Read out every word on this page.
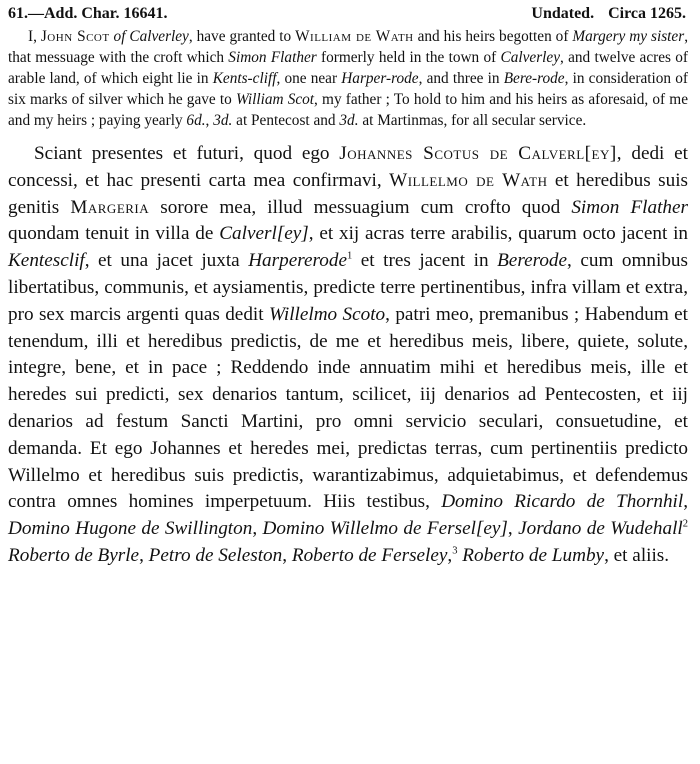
61.—Add. Char. 16641.	Undated. Circa 1265.

I, John Scot of Calverley, have granted to William de Wath and his heirs begotten of Margery my sister, that messuage with the croft which Simon Flather formerly held in the town of Calverley, and twelve acres of arable land, of which eight lie in Kents-cliff, one near Harper-rode, and three in Bere-rode, in consideration of six marks of silver which he gave to William Scot, my father ; To hold to him and his heirs as aforesaid, of me and my heirs ; paying yearly 6d., 3d. at Pentecost and 3d. at Martinmas, for all secular service.

Sciant presentes et futuri, quod ego Johannes Scotus de Calverl[ey], dedi et concessi, et hac presenti carta mea confirmavi, Willelmo de Wath et heredibus suis genitis Margeria sorore mea, illud messuagium cum crofto quod Simon Flather quondam tenuit in villa de Calverl[ey], et xij acras terre arabilis, quarum octo jacent in Kentesclif, et una jacet juxta Harpererode$^1$ et tres jacent in Bererode, cum omnibus libertatibus, communis, et aysiamentis, predicte terre pertinentibus, infra villam et extra, pro sex marcis argenti quas dedit Willelmo Scoto, patri meo, premanibus ; Habendum et tenendum, illi et heredibus predictis, de me et heredibus meis, libere, quiete, solute, integre, bene, et in pace ; Reddendo inde annuatim mihi et heredibus meis, ille et heredes sui predicti, sex denarios tantum, scilicet, iij denarios ad Pentecosten, et iij denarios ad festum Sancti Martini, pro omni servicio seculari, consuetudine, et demanda. Et ego Johannes et heredes mei, predictas terras, cum pertinentiis predicto Willelmo et heredibus suis predictis, warantizabimus, adquietabimus, et defendemus contra omnes homines imperpetuum. Hiis testibus, Domino Ricardo de Thornhil, Domino Hugone de Swillington, Domino Willelmo de Fersel[ey], Jordano de Wudehall$^2$ Roberto de Byrle, Petro de Seleston, Roberto de Ferseley,$^3$ Roberto de Lumby, et aliis.
